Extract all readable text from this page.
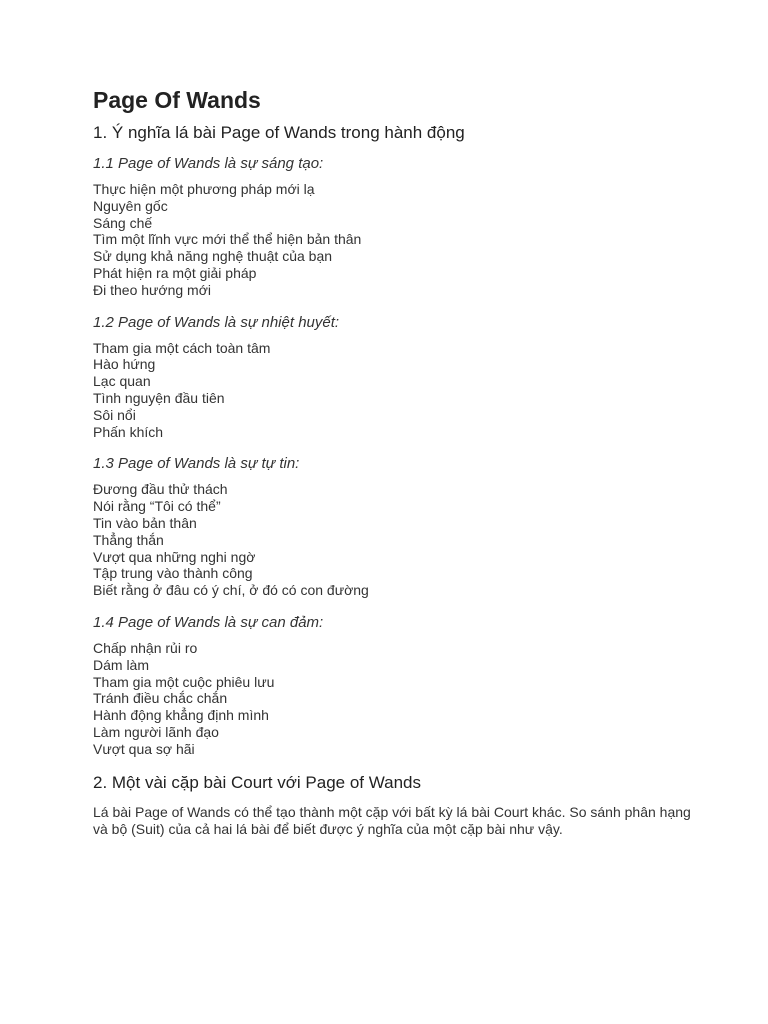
Page Of Wands
1. Ý nghĩa lá bài Page of Wands trong hành động
1.1 Page of Wands là sự sáng tạo:
Thực hiện một phương pháp mới lạ
Nguyên gốc
Sáng chế
Tìm một lĩnh vực mới thể thể hiện bản thân
Sử dụng khả năng nghệ thuật của bạn
Phát hiện ra một giải pháp
Đi theo hướng mới
1.2 Page of Wands là sự nhiệt huyết:
Tham gia một cách toàn tâm
Hào hứng
Lạc quan
Tình nguyện đầu tiên
Sôi nổi
Phấn khích
1.3 Page of Wands là sự tự tin:
Đương đầu thử thách
Nói rằng “Tôi có thể”
Tin vào bản thân
Thẳng thắn
Vượt qua những nghi ngờ
Tập trung vào thành công
Biết rằng ở đâu có ý chí, ở đó có con đường
1.4 Page of Wands là sự can đảm:
Chấp nhận rủi ro
Dám làm
Tham gia một cuộc phiêu lưu
Tránh điều chắc chắn
Hành động khẳng định mình
Làm người lãnh đạo
Vượt qua sợ hãi
2. Một vài cặp bài Court với Page of Wands

Lá bài Page of Wands có thể tạo thành một cặp với bất kỳ lá bài Court khác. So sánh phân hạng và bộ (Suit) của cả hai lá bài để biết được ý nghĩa của một cặp bài như vậy.
